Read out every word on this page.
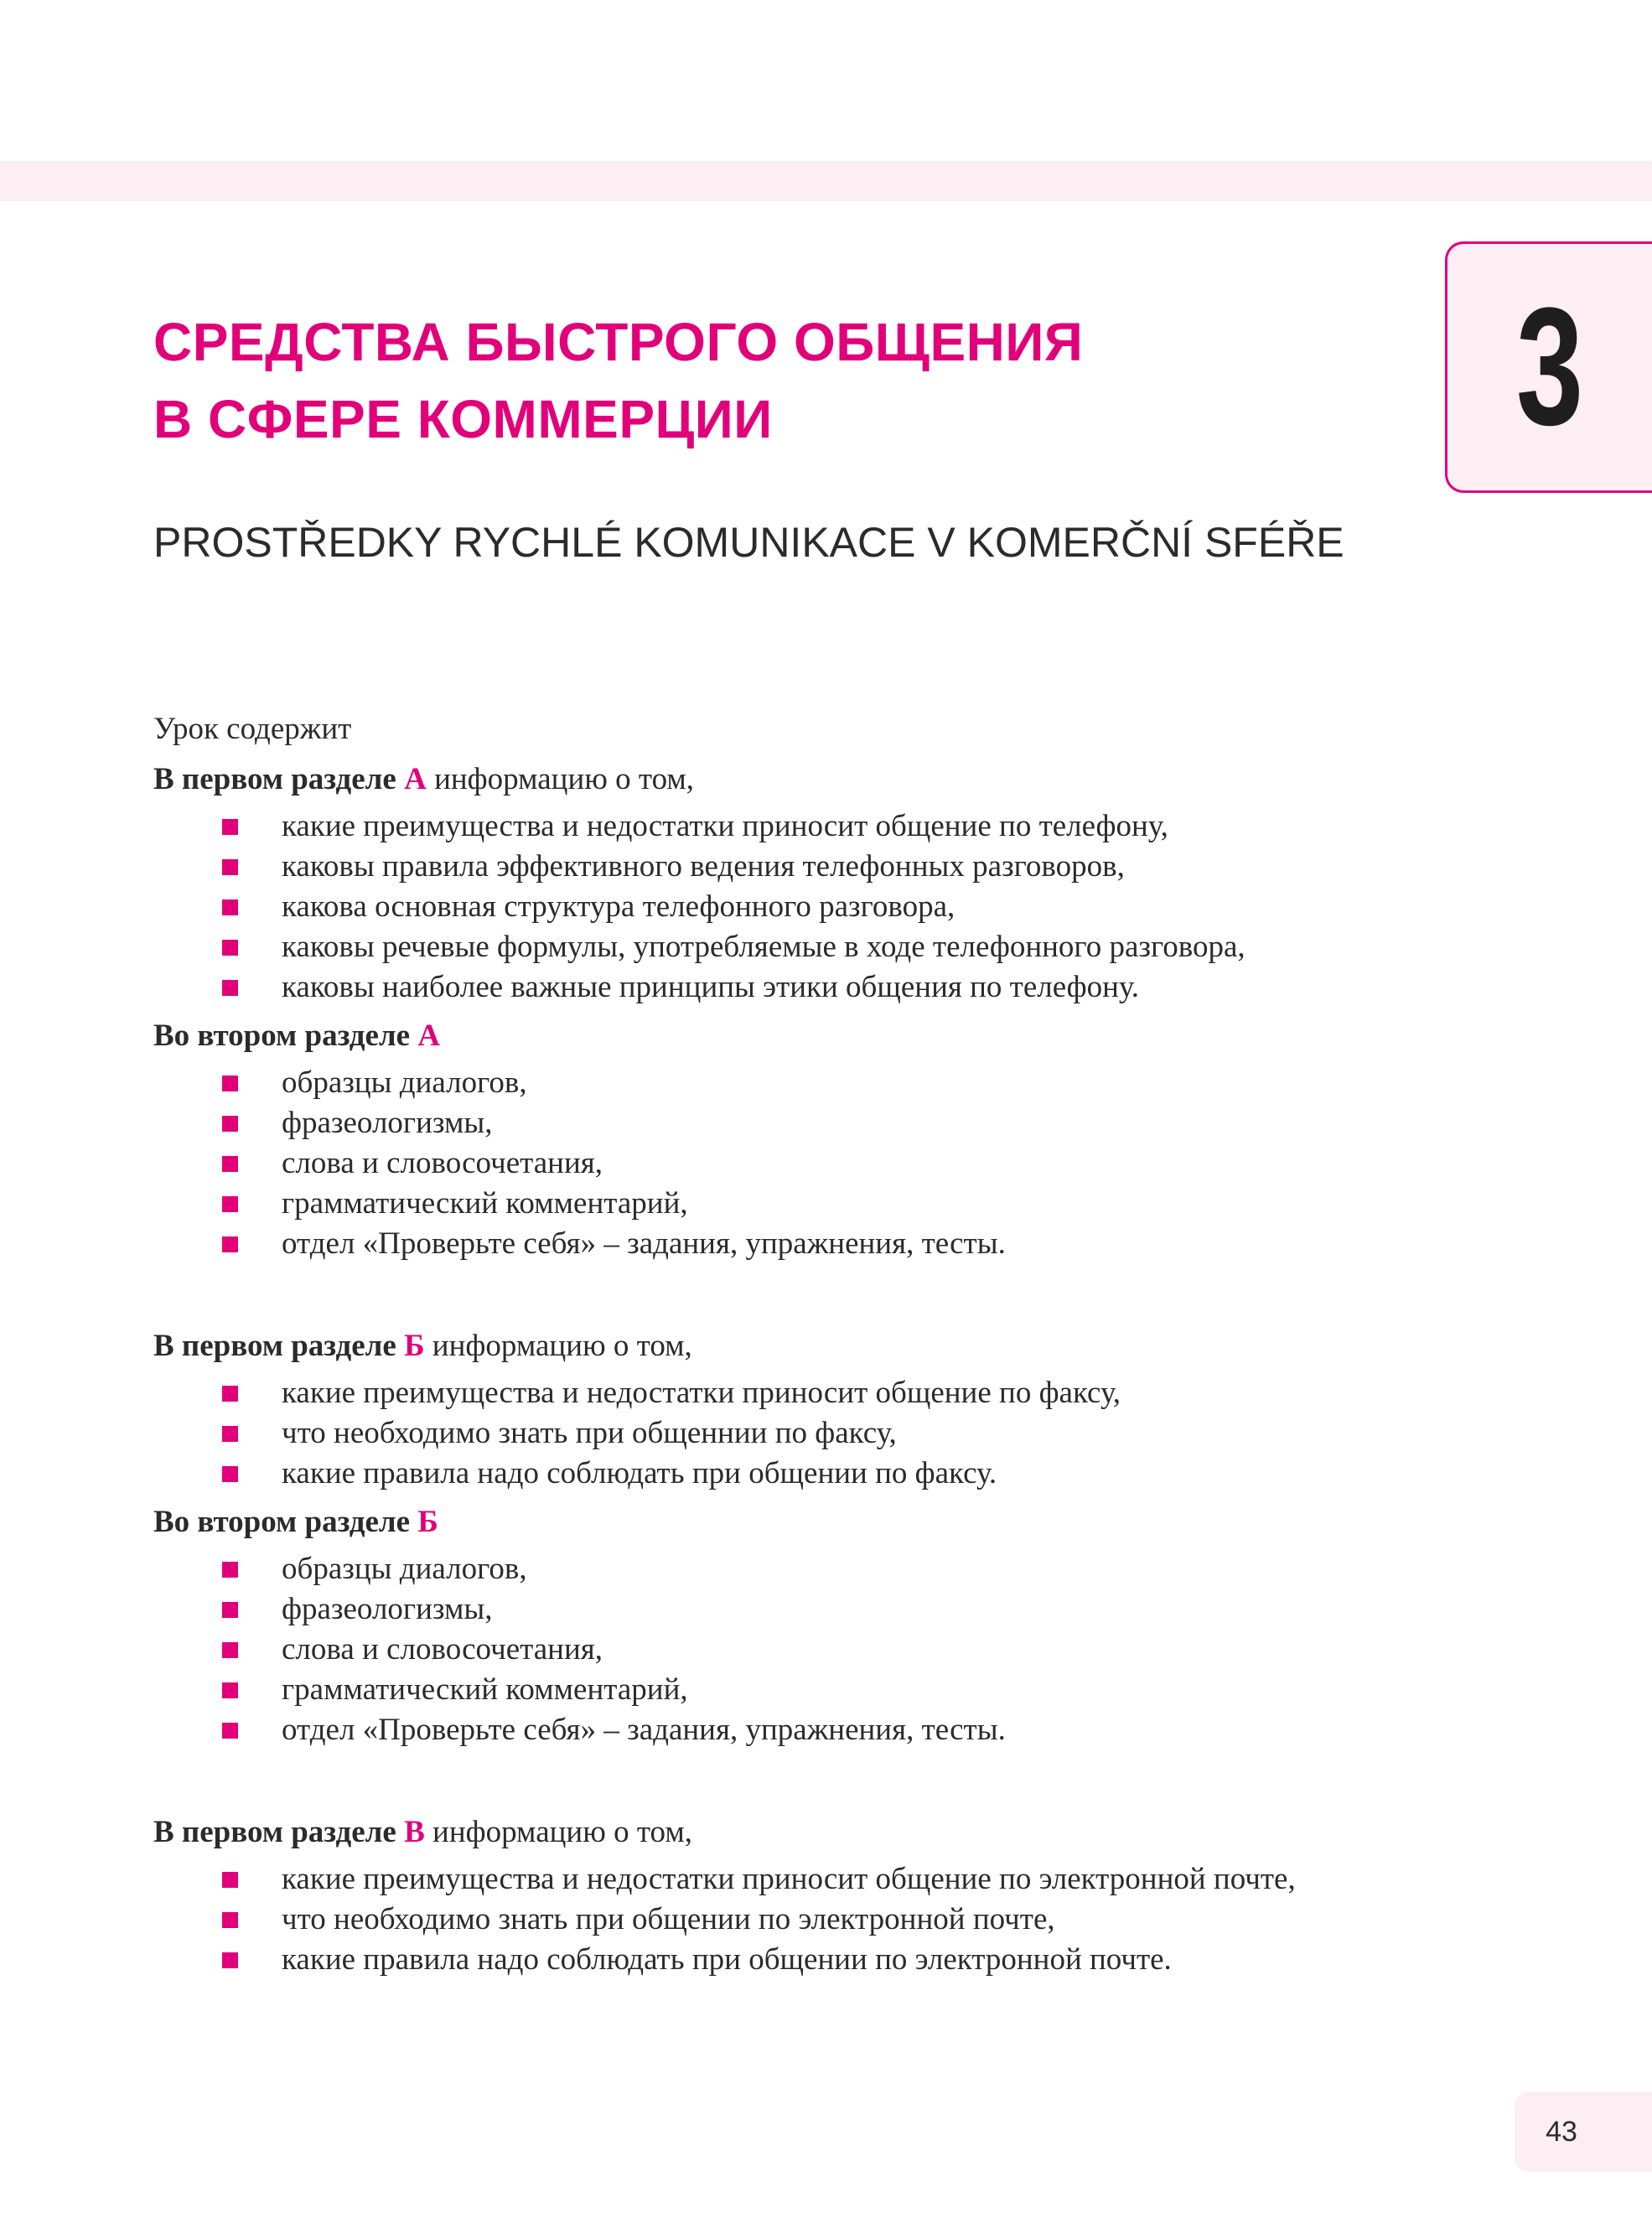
3
СРЕДСТВА БЫСТРОГО ОБЩЕНИЯ
В СФЕРЕ КОММЕРЦИИ
PROSTŘEDKY RYCHLÉ KOMUNIKACE V KOMERČNÍ SFÉŘE

Урок содержит

В первом разделе А информацию о том,

какие преимущества и недостатки приносит общение по телефону,
каковы правила эффективного ведения телефонных разговоров,
какова основная структура телефонного разговора,
каковы речевые формулы, употребляемые в ходе телефонного разговора,
каковы наиболее важные принципы этики общения по телефону.

Во втором разделе А

образцы диалогов,
фразеологизмы,
слова и словосочетания,
грамматический комментарий,
отдел «Проверьте себя» – задания, упражнения, тесты.

В первом разделе Б информацию о том,

какие преимущества и недостатки приносит общение по факсу,
что необходимо знать при общеннии по факсу,
какие правила надо соблюдать при общении по факсу.

Во втором разделе Б

образцы диалогов,
фразеологизмы,
слова и словосочетания,
грамматический комментарий,
отдел «Проверьте себя» – задания, упражнения, тесты.

В первом разделе В информацию о том,

какие преимущества и недостатки приносит общение по электронной почте,
что необходимо знать при общении по электронной почте,
какие правила надо соблюдать при общении по электронной почте.
43
